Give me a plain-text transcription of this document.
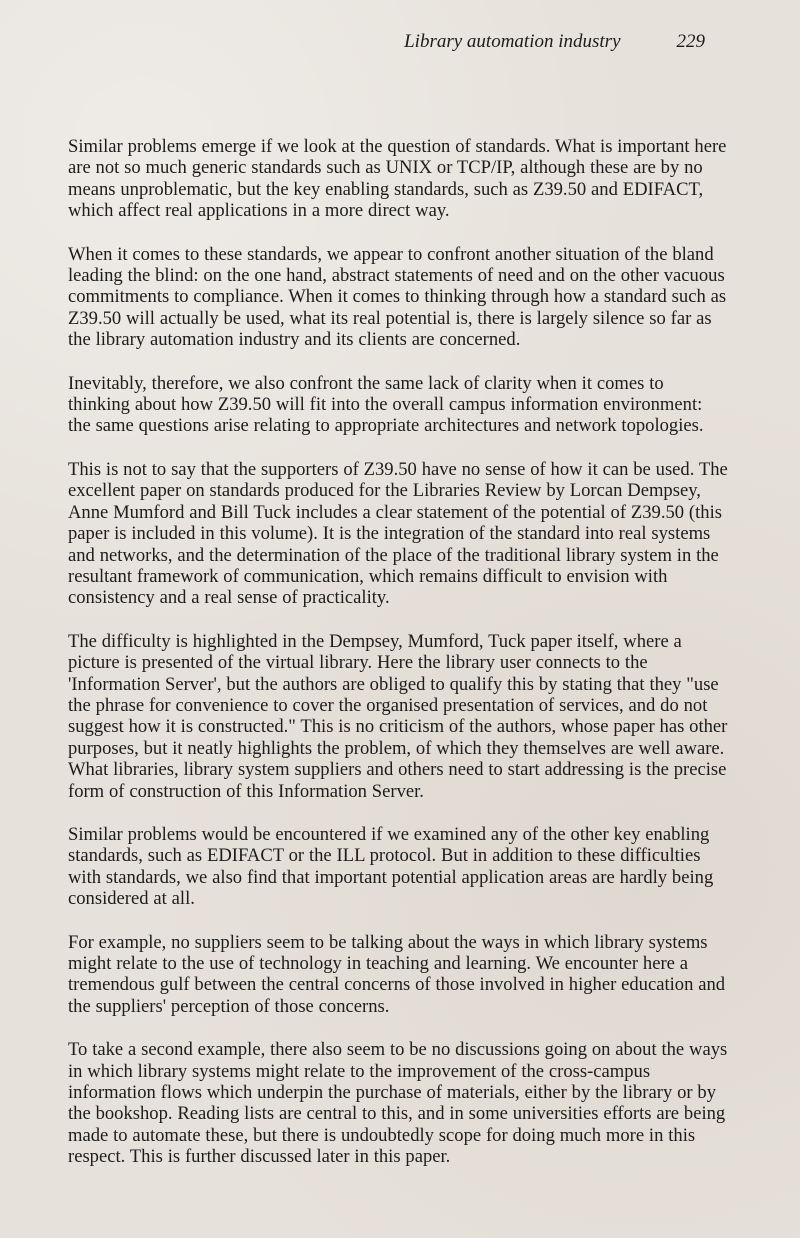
Library automation industry	229

Similar problems emerge if we look at the question of standards. What is important here are not so much generic standards such as UNIX or TCP/IP, although these are by no means unproblematic, but the key enabling standards, such as Z39.50 and EDIFACT, which affect real applications in a more direct way.

When it comes to these standards, we appear to confront another situation of the bland leading the blind: on the one hand, abstract statements of need and on the other vacuous commitments to compliance. When it comes to thinking through how a standard such as Z39.50 will actually be used, what its real potential is, there is largely silence so far as the library automation industry and its clients are concerned.

Inevitably, therefore, we also confront the same lack of clarity when it comes to thinking about how Z39.50 will fit into the overall campus information environment: the same questions arise relating to appropriate architectures and network topologies.

This is not to say that the supporters of Z39.50 have no sense of how it can be used. The excellent paper on standards produced for the Libraries Review by Lorcan Dempsey, Anne Mumford and Bill Tuck includes a clear statement of the potential of Z39.50 (this paper is included in this volume). It is the integration of the standard into real systems and networks, and the determination of the place of the traditional library system in the resultant framework of communication, which remains difficult to envision with consistency and a real sense of practicality.

The difficulty is highlighted in the Dempsey, Mumford, Tuck paper itself, where a picture is presented of the virtual library. Here the library user connects to the 'Information Server', but the authors are obliged to qualify this by stating that they "use the phrase for convenience to cover the organised presentation of services, and do not suggest how it is constructed." This is no criticism of the authors, whose paper has other purposes, but it neatly highlights the problem, of which they themselves are well aware. What libraries, library system suppliers and others need to start addressing is the precise form of construction of this Information Server.

Similar problems would be encountered if we examined any of the other key enabling standards, such as EDIFACT or the ILL protocol. But in addition to these difficulties with standards, we also find that important potential application areas are hardly being considered at all.

For example, no suppliers seem to be talking about the ways in which library systems might relate to the use of technology in teaching and learning. We encounter here a tremendous gulf between the central concerns of those involved in higher education and the suppliers' perception of those concerns.

To take a second example, there also seem to be no discussions going on about the ways in which library systems might relate to the improvement of the cross-campus information flows which underpin the purchase of materials, either by the library or by the bookshop. Reading lists are central to this, and in some universities efforts are being made to automate these, but there is undoubtedly scope for doing much more in this respect. This is further discussed later in this paper.
